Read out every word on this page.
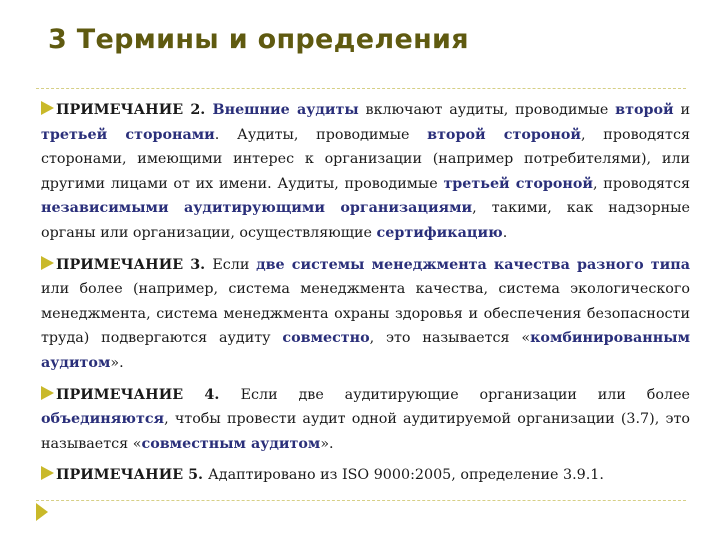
3 Термины и определения

ПРИМЕЧАНИЕ 2. Внешние аудиты включают аудиты, проводимые второй и третьей сторонами. Аудиты, проводимые второй стороной, проводятся сторонами, имеющими интерес к организации (например потребителями), или другими лицами от их имени. Аудиты, проводимые третьей стороной, проводятся независимыми аудитирующими организациями, такими, как надзорные органы или организации, осуществляющие сертификацию.

ПРИМЕЧАНИЕ 3. Если две системы менеджмента качества разного типа или более (например, система менеджмента качества, система экологического менеджмента, система менеджмента охраны здоровья и обеспечения безопасности труда) подвергаются аудиту совместно, это называется «комбинированным аудитом».

ПРИМЕЧАНИЕ 4. Если две аудитирующие организации или более объединяются, чтобы провести аудит одной аудитируемой организации (3.7), это называется «совместным аудитом».

ПРИМЕЧАНИЕ 5. Адаптировано из ISO 9000:2005, определение 3.9.1.
